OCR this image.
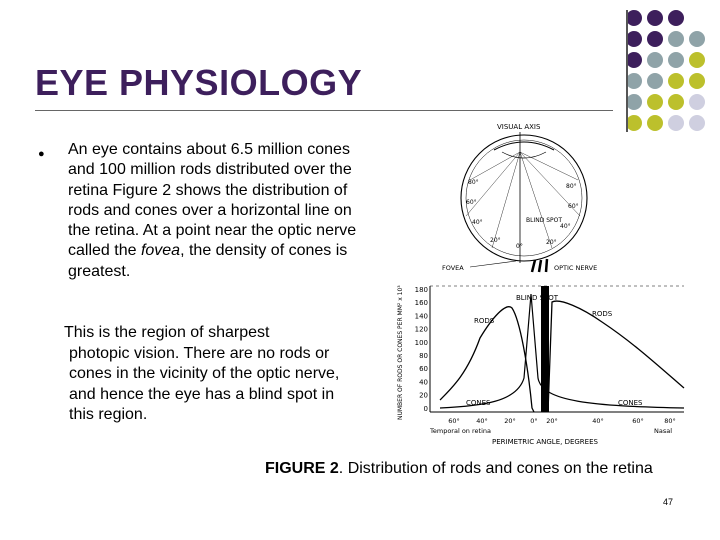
EYE PHYSIOLOGY
● An eye contains about 6.5 million cones and 100 million rods distributed over the retina Figure 2 shows the distribution of rods and cones over a horizontal line on the retina. At a point near the optic nerve called the fovea, the density of cones is greatest.

This is the region of sharpest
photopic vision. There are no rods or cones in the vicinity of the optic nerve, and hence the eye has a blind spot in this region.

VISUAL AXIS
80°
60°
40°
20°
80°
60°
40°
20°
0°
BLIND SPOT
FOVEA	OPTIC NERVE
NUMBER OF RODS OR CONES PER MM² x 10³ 180
160
140
120
100
80
60
40
20
0
BLIND SPOT
RODS
RODS
CONES	CONES
60°	40°	20° 0° 20°	40°	60°	80°
Temporal on retina	Nasal
PERIMETRIC ANGLE, DEGREES

FIGURE 2. Distribution of rods and cones on the retina

47
